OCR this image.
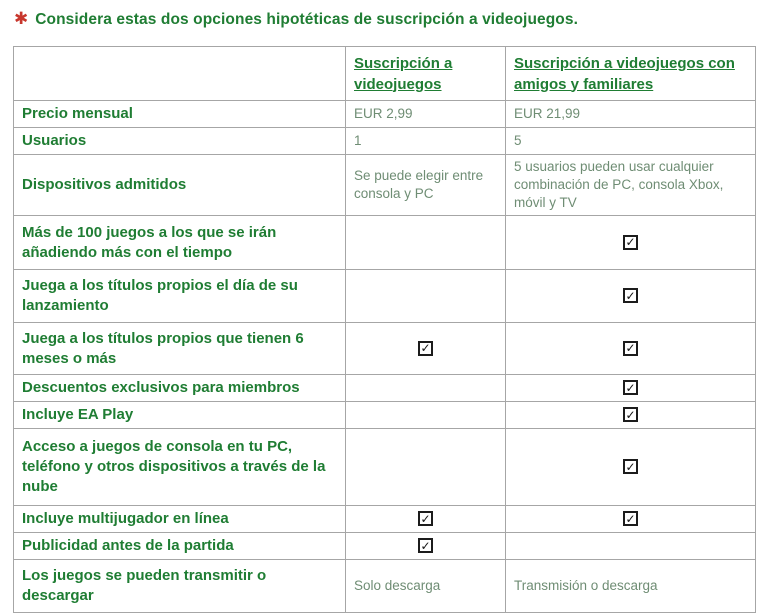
✱ Considera estas dos opciones hipotéticas de suscripción a videojuegos.
	Suscripción a videojuegos	Suscripción a videojuegos con amigos y familiares
Precio mensual	EUR 2,99	EUR 21,99
Usuarios	1	5
Dispositivos admitidos	Se puede elegir entre consola y PC	5 usuarios pueden usar cualquier combinación de PC, consola Xbox, móvil y TV
Más de 100 juegos a los que se irán añadiendo más con el tiempo		✓
Juega a los títulos propios el día de su lanzamiento		✓
Juega a los títulos propios que tienen 6 meses o más	✓	✓
Descuentos exclusivos para miembros		✓
Incluye EA Play		✓
Acceso a juegos de consola en tu PC, teléfono y otros dispositivos a través de la nube		✓
Incluye multijugador en línea	✓	✓
Publicidad antes de la partida	✓	
Los juegos se pueden transmitir o descargar	Solo descarga	Transmisión o descarga
